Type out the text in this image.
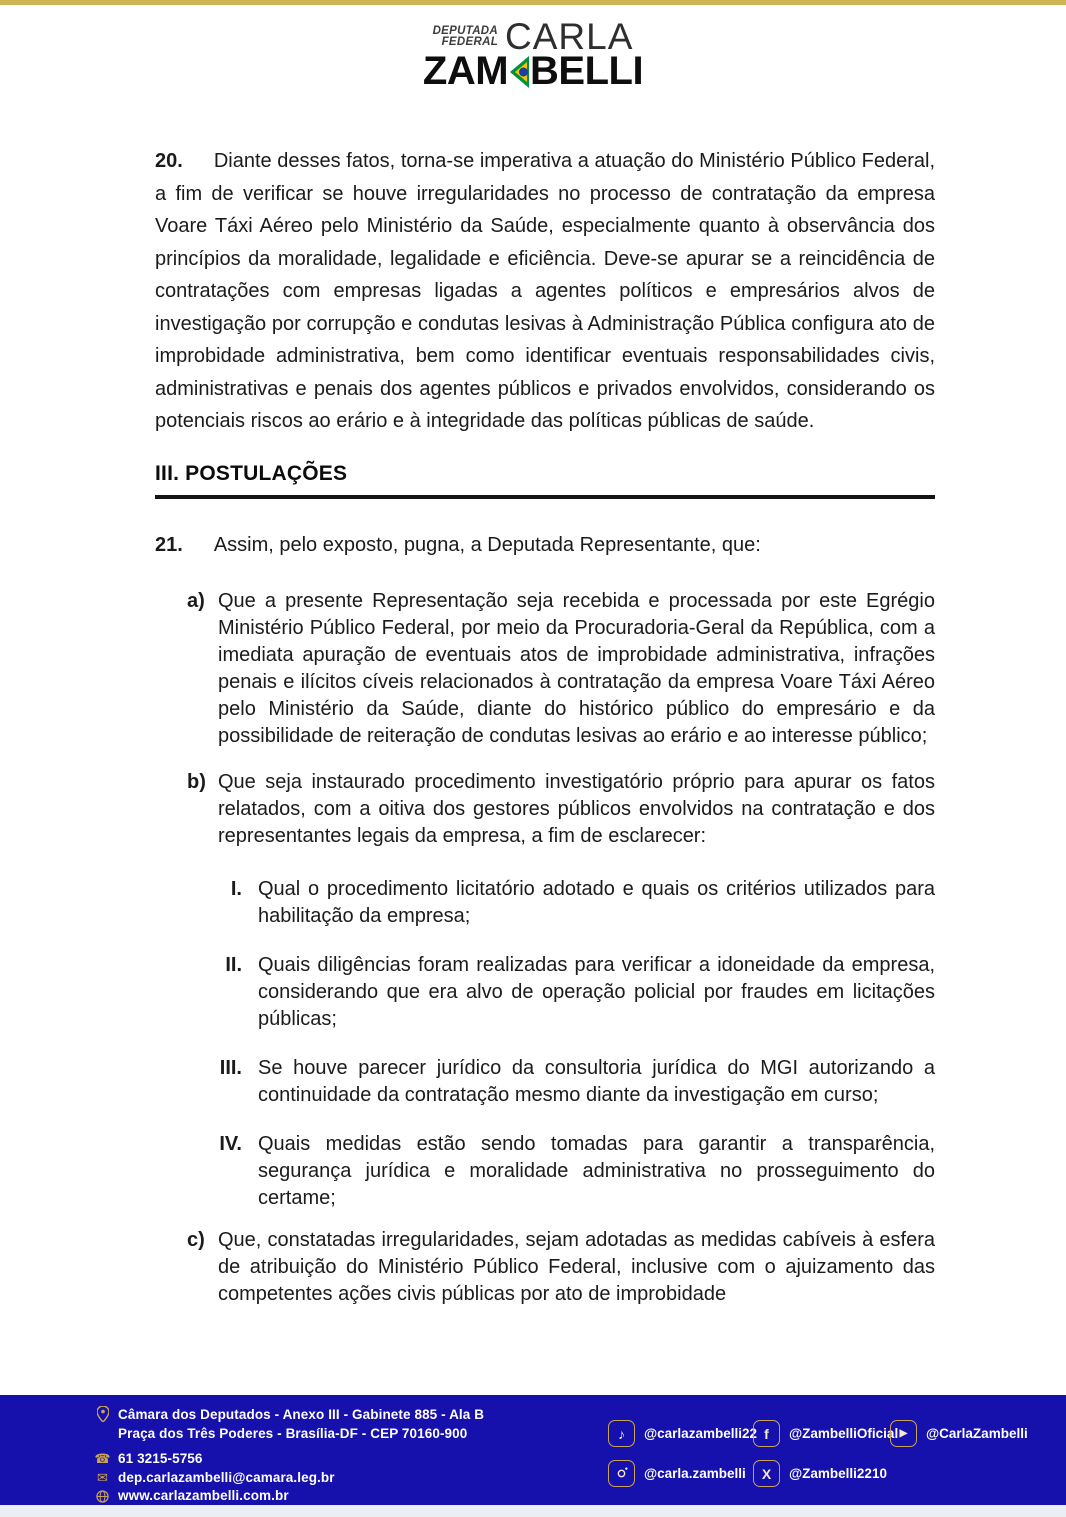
DEPUTADA
FEDERAL CARLA
ZAM BELLI
20. Diante desses fatos, torna-se imperativa a atuação do Ministério Público Federal, a fim de verificar se houve irregularidades no processo de contratação da empresa Voare Táxi Aéreo pelo Ministério da Saúde, especialmente quanto à observância dos princípios da moralidade, legalidade e eficiência. Deve-se apurar se a reincidência de contratações com empresas ligadas a agentes políticos e empresários alvos de investigação por corrupção e condutas lesivas à Administração Pública configura ato de improbidade administrativa, bem como identificar eventuais responsabilidades civis, administrativas e penais dos agentes públicos e privados envolvidos, considerando os potenciais riscos ao erário e à integridade das políticas públicas de saúde.
III. POSTULAÇÕES
21. Assim, pelo exposto, pugna, a Deputada Representante, que:
a) Que a presente Representação seja recebida e processada por este Egrégio Ministério Público Federal, por meio da Procuradoria-Geral da República, com a imediata apuração de eventuais atos de improbidade administrativa, infrações penais e ilícitos cíveis relacionados à contratação da empresa Voare Táxi Aéreo pelo Ministério da Saúde, diante do histórico público do empresário e da possibilidade de reiteração de condutas lesivas ao erário e ao interesse público;
b) Que seja instaurado procedimento investigatório próprio para apurar os fatos relatados, com a oitiva dos gestores públicos envolvidos na contratação e dos representantes legais da empresa, a fim de esclarecer:
I. Qual o procedimento licitatório adotado e quais os critérios utilizados para habilitação da empresa;
II. Quais diligências foram realizadas para verificar a idoneidade da empresa, considerando que era alvo de operação policial por fraudes em licitações públicas;
III. Se houve parecer jurídico da consultoria jurídica do MGI autorizando a continuidade da contratação mesmo diante da investigação em curso;
IV. Quais medidas estão sendo tomadas para garantir a transparência, segurança jurídica e moralidade administrativa no prosseguimento do certame;
c) Que, constatadas irregularidades, sejam adotadas as medidas cabíveis à esfera de atribuição do Ministério Público Federal, inclusive com o ajuizamento das competentes ações civis públicas por ato de improbidade
Câmara dos Deputados - Anexo III - Gabinete 885 - Ala B
Praça dos Três Poderes - Brasília-DF - CEP 70160-900
☎ 61 3215-5756
✉ dep.carlazambelli@camara.leg.br
www.carlazambelli.com.br
♪	@carlazambelli22 f	@ZambelliOficial ▶	@CarlaZambelli
@carla.zambelli	X	@Zambelli2210
